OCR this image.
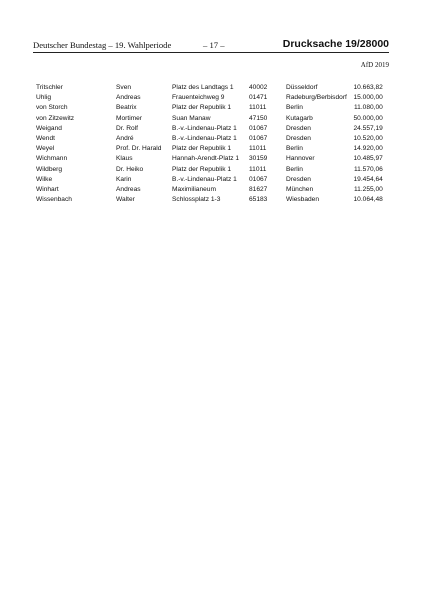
Deutscher Bundestag – 19. Wahlperiode	– 17 –	Drucksache 19/28000
AfD 2019
Tritschler	Sven	Platz des Landtags 1	40002	Düsseldorf	10.663,82
Uhlig	Andreas	Frauenteichweg 9	01471	Radeburg/Berbisdorf	15.000,00
von Storch	Beatrix	Platz der Republik 1	11011	Berlin	11.080,00
von Zitzewitz	Mortimer	Suan Manaw	47150	Kutagarb	50.000,00
Weigand	Dr. Rolf	B.-v.-Lindenau-Platz 1	01067	Dresden	24.557,19
Wendt	André	B.-v.-Lindenau-Platz 1	01067	Dresden	10.520,00
Weyel	Prof. Dr. Harald	Platz der Republik 1	11011	Berlin	14.920,00
Wichmann	Klaus	Hannah-Arendt-Platz 1	30159	Hannover	10.485,97
Wildberg	Dr. Heiko	Platz der Republik 1	11011	Berlin	11.570,06
Wilke	Karin	B.-v.-Lindenau-Platz 1	01067	Dresden	19.454,64
Winhart	Andreas	Maximilianeum	81627	München	11.255,00
Wissenbach	Walter	Schlossplatz 1-3	65183	Wiesbaden	10.064,48
